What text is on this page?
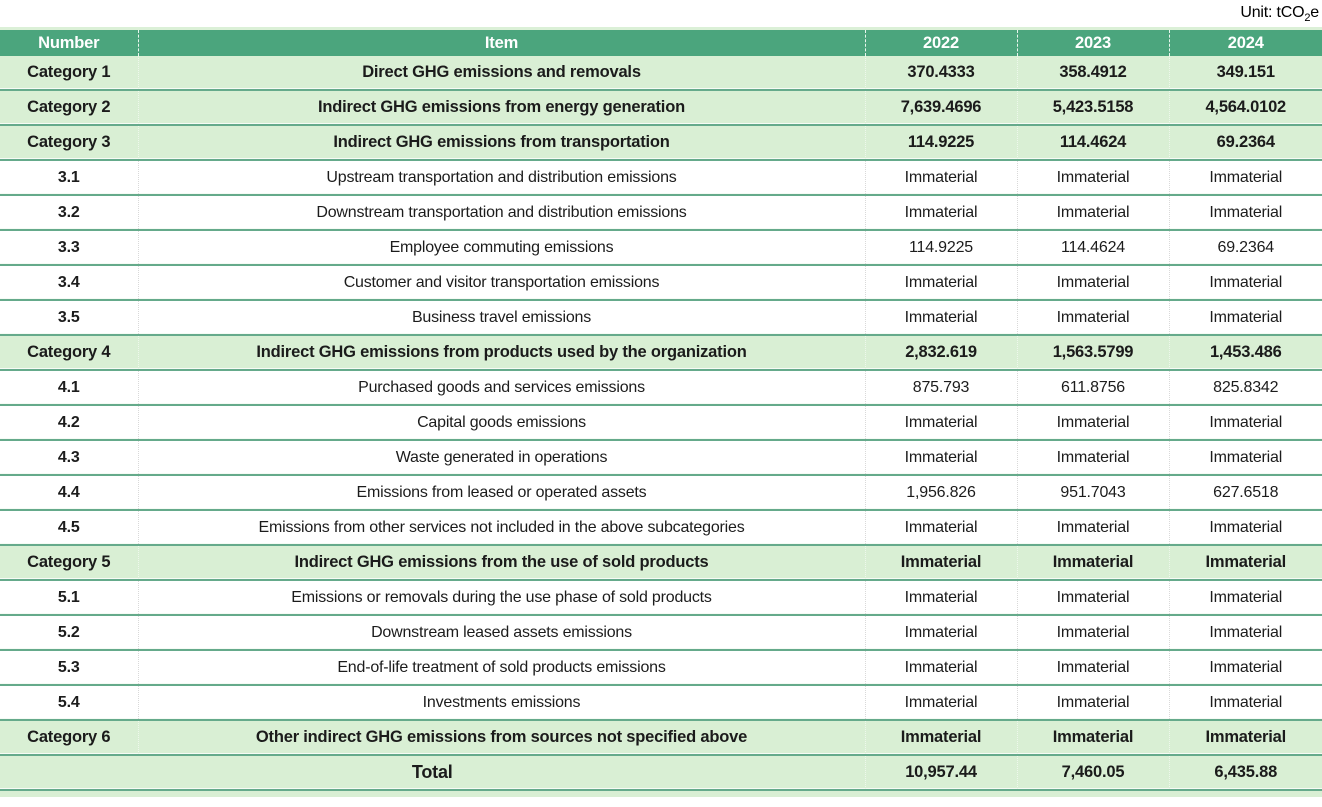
Unit: tCO$_2$e
Number	Item	2022	2023	2024
Category 1	Direct GHG emissions and removals	370.4333	358.4912	349.151
Category 2	Indirect GHG emissions from energy generation	7,639.4696	5,423.5158	4,564.0102
Category 3	Indirect GHG emissions from transportation	114.9225	114.4624	69.2364
3.1	Upstream transportation and distribution emissions	Immaterial	Immaterial	Immaterial
3.2	Downstream transportation and distribution emissions	Immaterial	Immaterial	Immaterial
3.3	Employee commuting emissions	114.9225	114.4624	69.2364
3.4	Customer and visitor transportation emissions	Immaterial	Immaterial	Immaterial
3.5	Business travel emissions	Immaterial	Immaterial	Immaterial
Category 4	Indirect GHG emissions from products used by the organization	2,832.619	1,563.5799	1,453.486
4.1	Purchased goods and services emissions	875.793	611.8756	825.8342
4.2	Capital goods emissions	Immaterial	Immaterial	Immaterial
4.3	Waste generated in operations	Immaterial	Immaterial	Immaterial
4.4	Emissions from leased or operated assets	1,956.826	951.7043	627.6518
4.5	Emissions from other services not included in the above subcategories	Immaterial	Immaterial	Immaterial
Category 5	Indirect GHG emissions from the use of sold products	Immaterial	Immaterial	Immaterial
5.1	Emissions or removals during the use phase of sold products	Immaterial	Immaterial	Immaterial
5.2	Downstream leased assets emissions	Immaterial	Immaterial	Immaterial
5.3	End-of-life treatment of sold products emissions	Immaterial	Immaterial	Immaterial
5.4	Investments emissions	Immaterial	Immaterial	Immaterial
Category 6	Other indirect GHG emissions from sources not specified above	Immaterial	Immaterial	Immaterial
Total		10,957.44	7,460.05	6,435.88
